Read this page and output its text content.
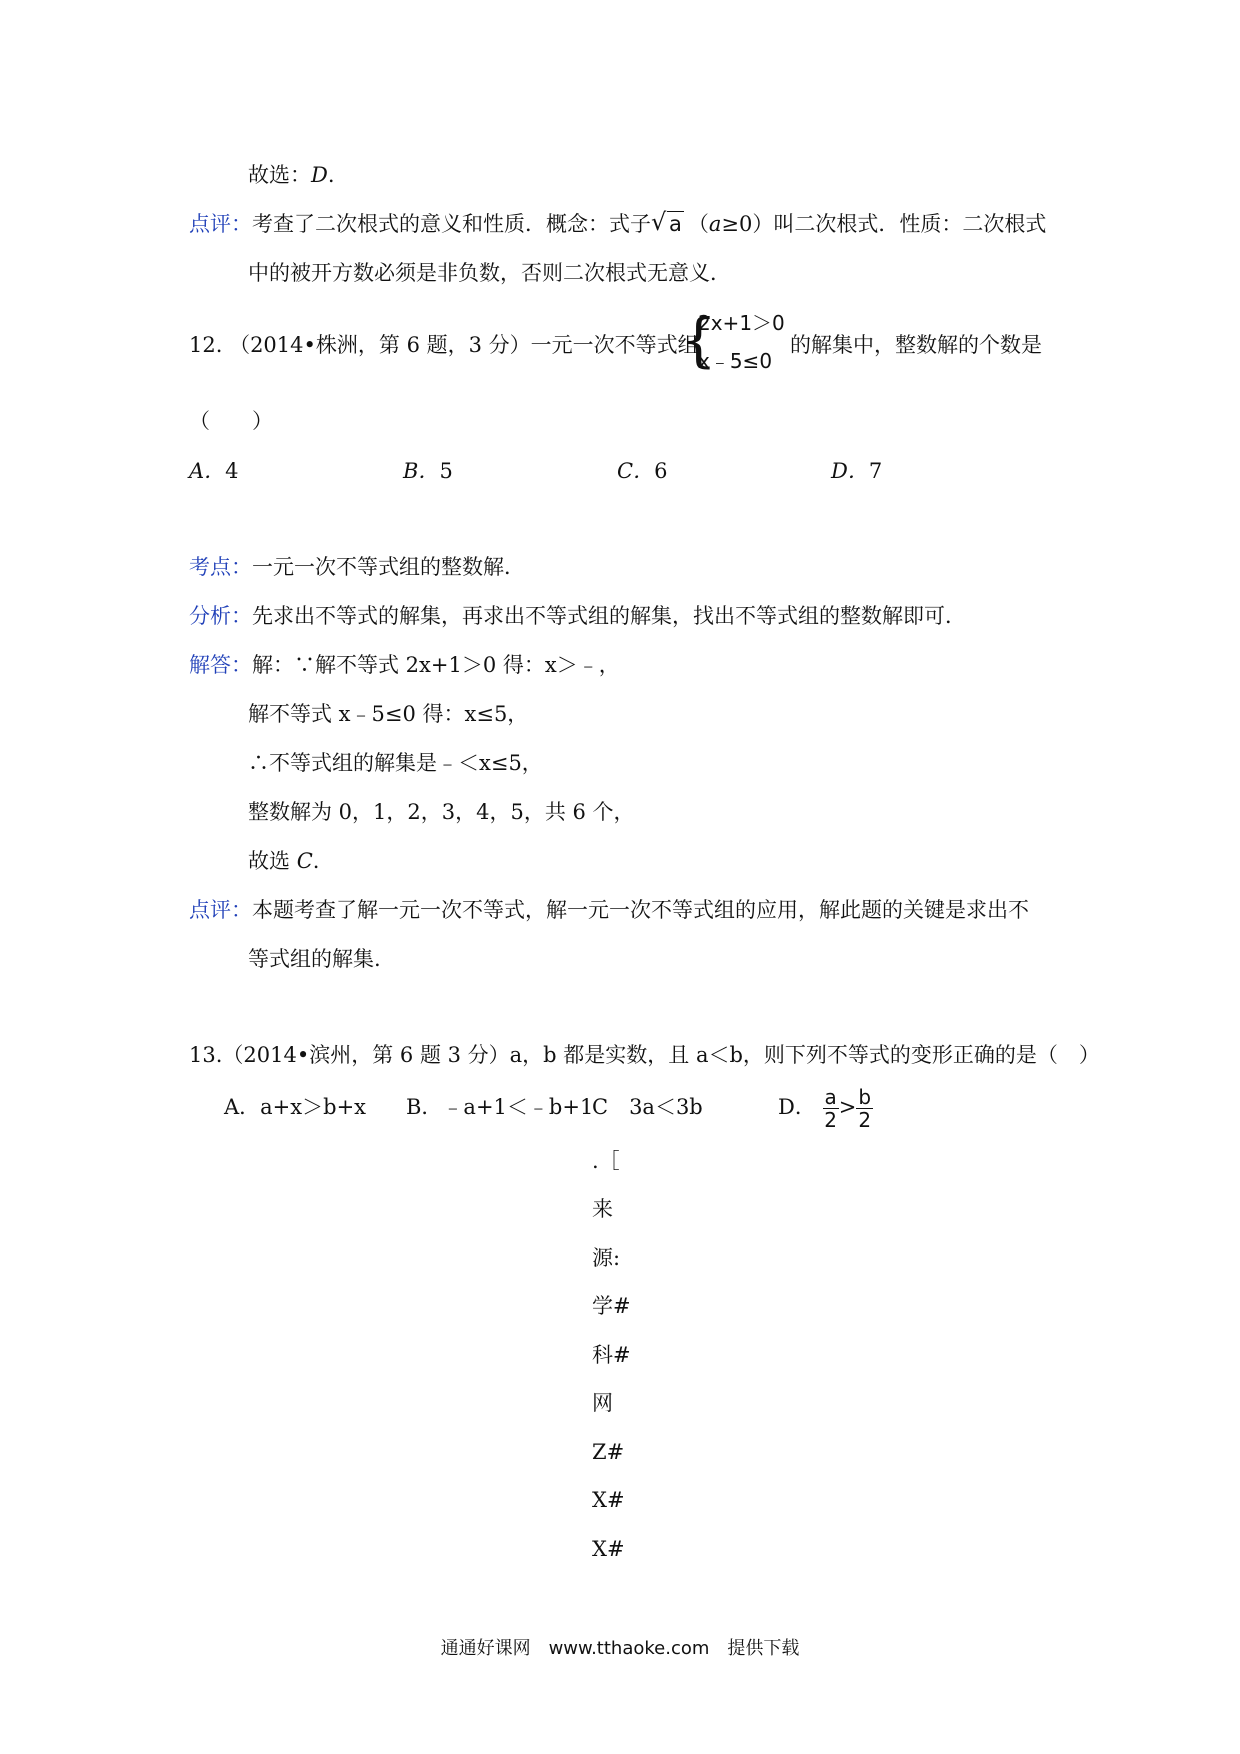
故选：D.
点评：考查了二次根式的意义和性质．概念：式子 √ a （a≥0）叫二次根式．性质：二次根式
中的被开方数必须是非负数，否则二次根式无意义．
12. （2014•株洲，第 6 题，3 分）一元一次不等式组
{
2x+1＞0
x﹣5≤0
的解集中，整数解的个数是
（　　）
A．4	B．5	C．6	D．7
考点：一元一次不等式组的整数解．
分析：先求出不等式的解集，再求出不等式组的解集，找出不等式组的整数解即可．
解答：解：∵解不等式 2x+1＞0 得：x＞﹣，
解不等式 x﹣5≤0 得：x≤5，
∴不等式组的解集是﹣＜x≤5，
整数解为 0，1，2，3，4，5，共 6 个，
故选 C.
点评：本题考查了解一元一次不等式，解一元一次不等式组的应用，解此题的关键是求出不
等式组的解集.
13.（2014•滨州，第 6 题 3 分）a，b 都是实数，且 a＜b，则下列不等式的变形正确的是（　）
A．a+x＞b+x B．﹣a+1＜﹣b+1
C　3a＜3b	D． $\frac{a}{2} > \frac{b}{2}$
.［
来
源:
学#
科#
网
Z#
X#
X#
通通好课网　www.tthaoke.com　提供下载
